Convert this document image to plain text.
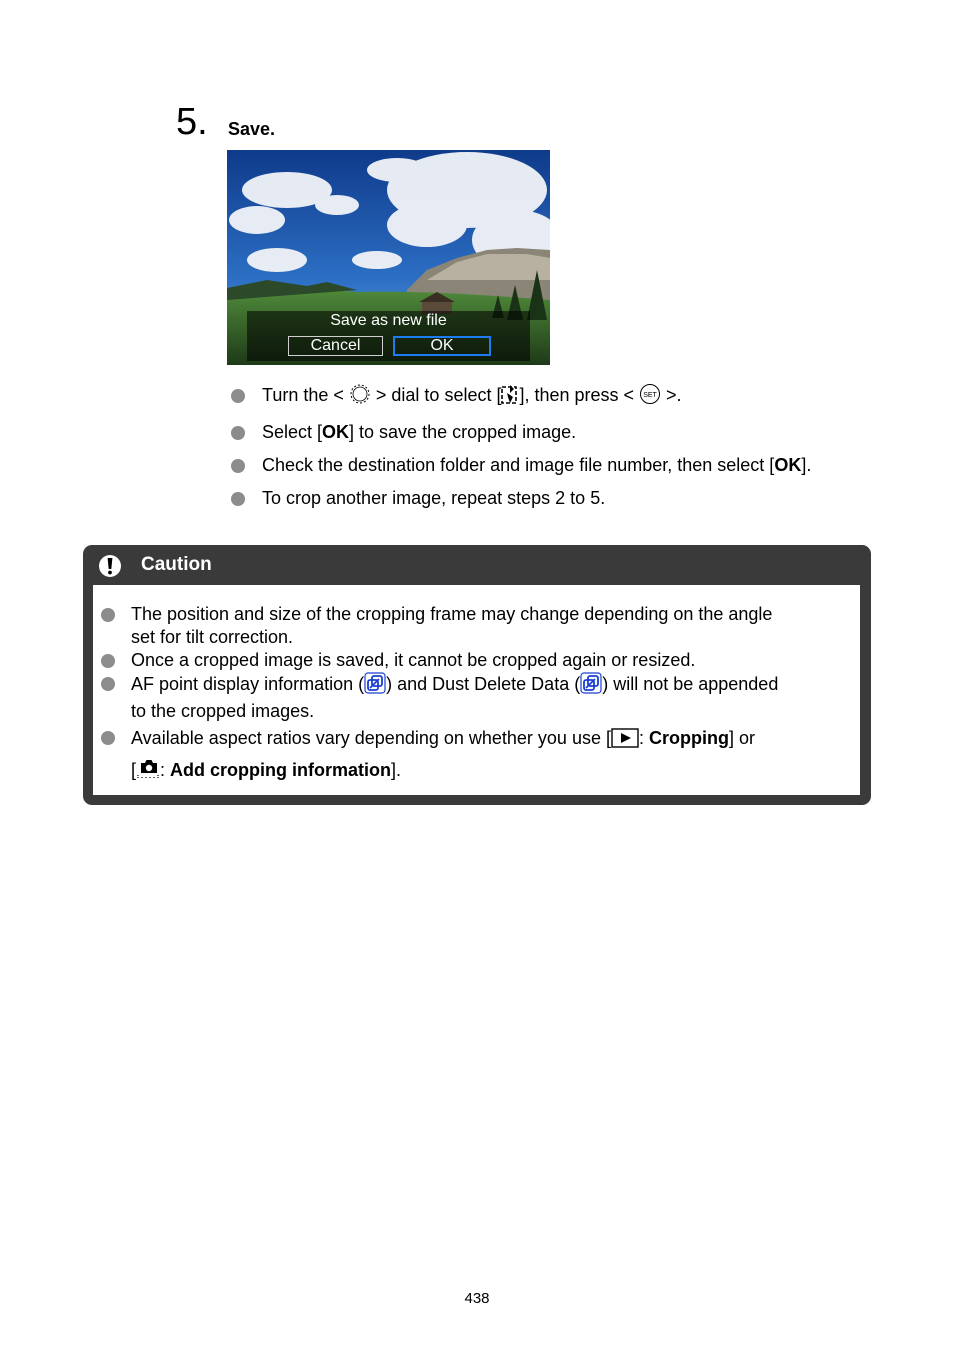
5. Save.
Save as new file
Cancel	OK
Turn the <  > dial to select [ ], then press < SET >.
Select [OK] to save the cropped image.
Check the destination folder and image file number, then select [OK].
To crop another image, repeat steps 2 to 5.
Caution
The position and size of the cropping frame may change depending on the angle
set for tilt correction.
Once a cropped image is saved, it cannot be cropped again or resized.
AF point display information ( ) and Dust Delete Data ( ) will not be appended
to the cropped images.
Available aspect ratios vary depending on whether you use [ : Cropping] or
[ : Add cropping information].
438
